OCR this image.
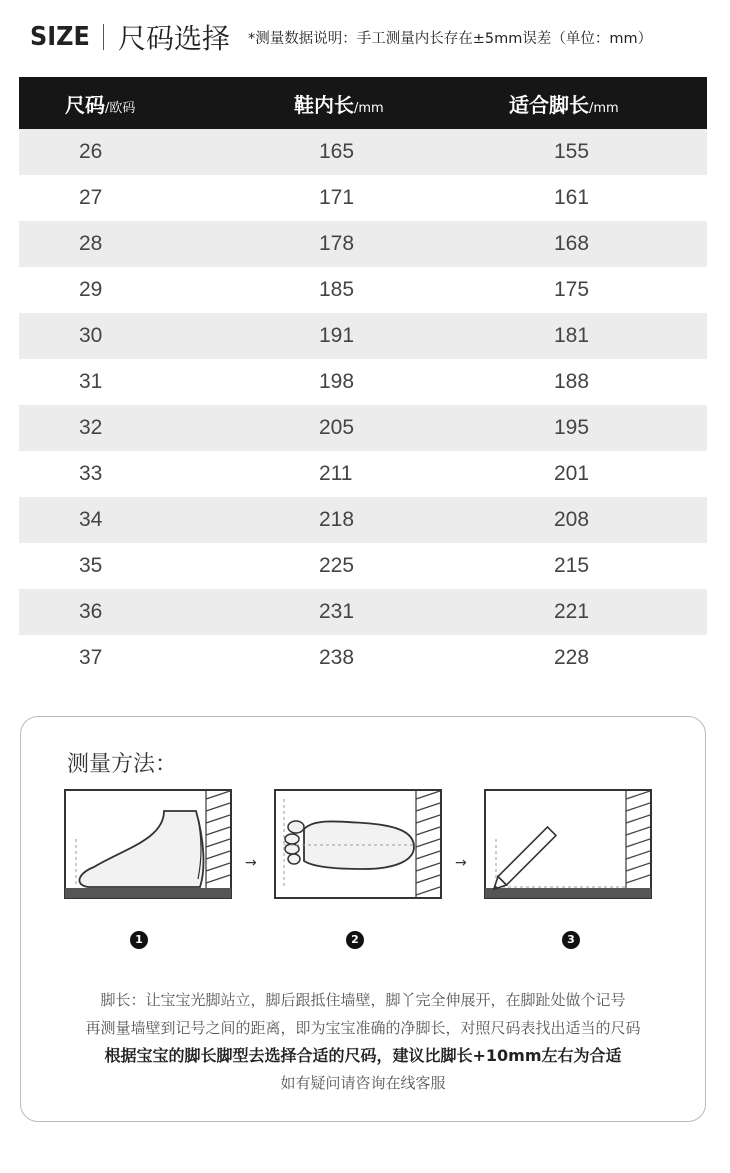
SIZE 尺码选择 *测量数据说明：手工测量内长存在±5mm误差（单位：mm）
尺码/欧码	鞋内长/mm	适合脚长/mm
26	165	155
27	171	161
28	178	168
29	185	175
30	191	181
31	198	188
32	205	195
33	211	201
34	218	208
35	225	215
36	231	221
37	238	228
测量方法：
→	→
1	2	3
脚长：让宝宝光脚站立，脚后跟抵住墙壁，脚丫完全伸展开，在脚趾处做个记号
再测量墙壁到记号之间的距离，即为宝宝准确的净脚长，对照尺码表找出适当的尺码
根据宝宝的脚长脚型去选择合适的尺码，建议比脚长+10mm左右为合适
如有疑问请咨询在线客服
